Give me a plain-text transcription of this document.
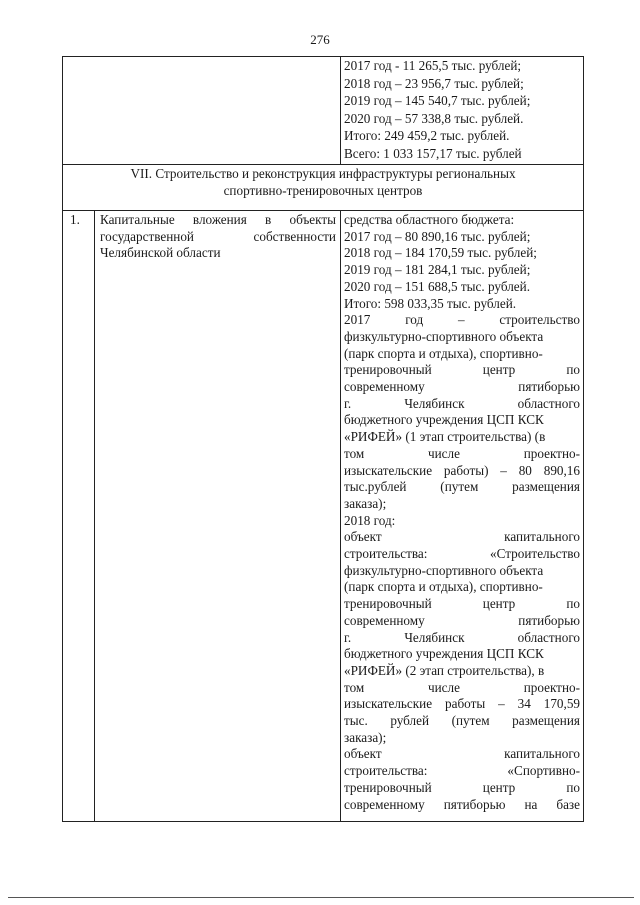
276
2017 год - 11 265,5 тыс. рублей;
2018 год – 23 956,7 тыс. рублей;
2019 год – 145 540,7 тыс. рублей;
2020 год – 57 338,8 тыс. рублей.
Итого: 249 459,2 тыс. рублей.
Всего: 1 033 157,17 тыс. рублей
VII. Строительство и реконструкция инфраструктуры региональных
спортивно-тренировочных центров
1. Капитальные вложения в объекты
государственной собственности
Челябинской области
средства областного бюджета:
2017 год – 80 890,16 тыс. рублей;
2018 год – 184 170,59 тыс. рублей;
2019 год – 181 284,1 тыс. рублей;
2020 год – 151 688,5 тыс. рублей.
Итого: 598 033,35 тыс. рублей.
2017 год – строительство
физкультурно-спортивного объекта
(парк спорта и отдыха), спортивно-
тренировочный центр по
современному пятиборью
г. Челябинск областного
бюджетного учреждения ЦСП КСК
«РИФЕЙ» (1 этап строительства) (в
том числе проектно-
изыскательские работы) – 80 890,16
тыс.рублей (путем размещения
заказа);
2018 год:
объект капитального
строительства: «Строительство
физкультурно-спортивного объекта
(парк спорта и отдыха), спортивно-
тренировочный центр по
современному пятиборью
г. Челябинск областного
бюджетного учреждения ЦСП КСК
«РИФЕЙ» (2 этап строительства), в
том числе проектно-
изыскательские работы – 34 170,59
тыс. рублей (путем размещения
заказа);
объект капитального
строительства: «Спортивно-
тренировочный центр по
современному пятиборью на базе
